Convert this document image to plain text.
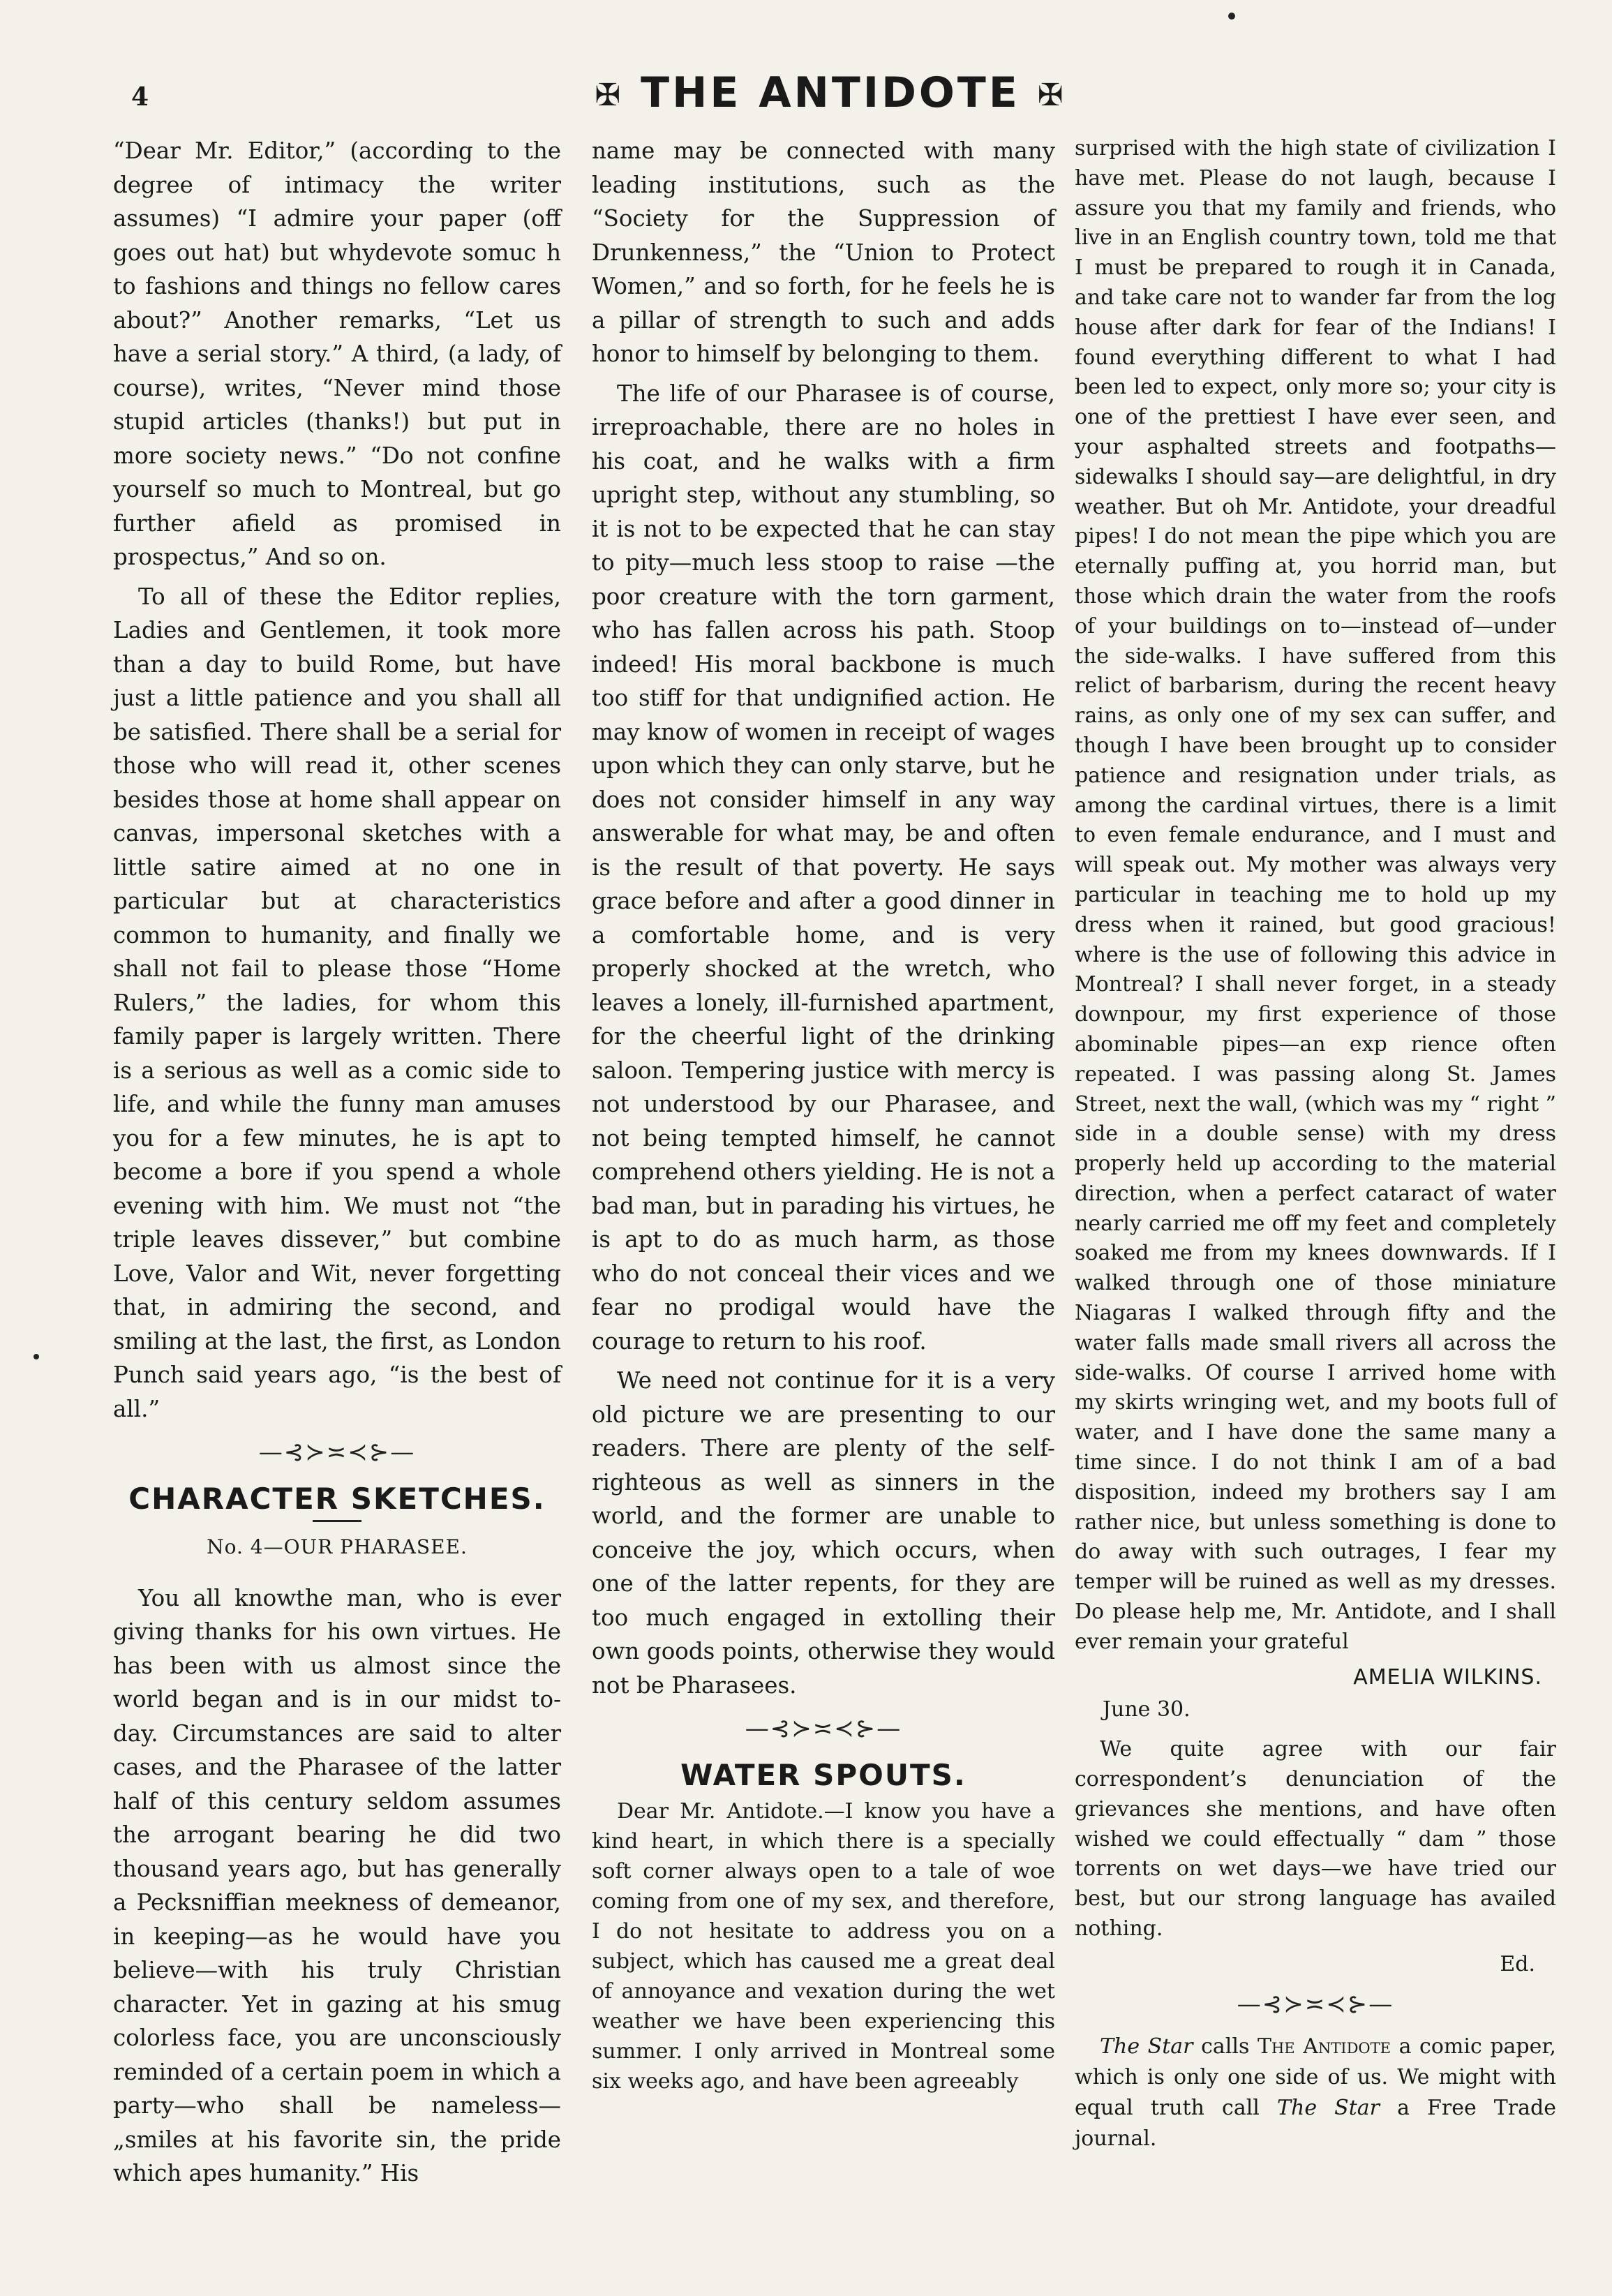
4	✠ THE ANTIDOTE ✠

“Dear Mr. Editor,” (according to the degree of intimacy the writer assumes) “I admire your paper (off goes out hat) but whydevote somuc h to fashions and things no fellow cares about?” Another remarks, “Let us have a serial story.” A third, (a lady, of course), writes, “Never mind those stupid articles (thanks!) but put in more society news.” “Do not confine yourself so much to Montreal, but go further afield as promised in prospectus,” And so on.

To all of these the Editor replies, Ladies and Gentlemen, it took more than a day to build Rome, but have just a little patience and you shall all be satisfied. There shall be a serial for those who will read it, other scenes besides those at home shall appear on canvas, impersonal sketches with a little satire aimed at no one in particular but at characteristics common to humanity, and finally we shall not fail to please those “Home Rulers,” the ladies, for whom this family paper is largely written. There is a serious as well as a comic side to life, and while the funny man amuses you for a few minutes, he is apt to become a bore if you spend a whole evening with him. We must not “the triple leaves dissever,” but combine Love, Valor and Wit, never forgetting that, in admiring the second, and smiling at the last, the first, as London Punch said years ago, “is the best of all.”

—⊰≻≍≺⊱—
CHARACTER SKETCHES.
No. 4—OUR PHARASEE.

You all knowthe man, who is ever giving thanks for his own virtues. He has been with us almost since the world began and is in our midst to-day. Circumstances are said to alter cases, and the Pharasee of the latter half of this century seldom assumes the arrogant bearing he did two thousand years ago, but has generally a Pecksniffian meekness of demeanor, in keeping—as he would have you believe—with his truly Christian character. Yet in gazing at his smug colorless face, you are unconsciously reminded of a certain poem in which a party—who shall be nameless—„smiles at his favorite sin, the pride which apes humanity.” His

name may be connected with many leading institutions, such as the “Society for the Suppression of Drunkenness,” the “Union to Protect Women,” and so forth, for he feels he is a pillar of strength to such and adds honor to himself by belonging to them.

The life of our Pharasee is of course, irreproachable, there are no holes in his coat, and he walks with a firm upright step, without any stumbling, so it is not to be expected that he can stay to pity—much less stoop to raise —the poor creature with the torn garment, who has fallen across his path. Stoop indeed! His moral backbone is much too stiff for that undignified action. He may know of women in receipt of wages upon which they can only starve, but he does not consider himself in any way answerable for what may, be and often is the result of that poverty. He says grace before and after a good dinner in a comfortable home, and is very properly shocked at the wretch, who leaves a lonely, ill-furnished apartment, for the cheerful light of the drinking saloon. Tempering justice with mercy is not understood by our Pharasee, and not being tempted himself, he cannot comprehend others yielding. He is not a bad man, but in parading his virtues, he is apt to do as much harm, as those who do not conceal their vices and we fear no prodigal would have the courage to return to his roof.

We need not continue for it is a very old picture we are presenting to our readers. There are plenty of the self-righteous as well as sinners in the world, and the former are unable to conceive the joy, which occurs, when one of the latter repents, for they are too much engaged in extolling their own goods points, otherwise they would not be Pharasees.

—⊰≻≍≺⊱—
WATER SPOUTS.

Dear Mr. Antidote.—I know you have a kind heart, in which there is a specially soft corner always open to a tale of woe coming from one of my sex, and therefore, I do not hesitate to address you on a subject, which has caused me a great deal of annoyance and vexation during the wet weather we have been experiencing this summer. I only arrived in Montreal some six weeks ago, and have been agreeably

surprised with the high state of civilization I have met. Please do not laugh, because I assure you that my family and friends, who live in an English country town, told me that I must be prepared to rough it in Canada, and take care not to wander far from the log house after dark for fear of the Indians! I found everything different to what I had been led to expect, only more so; your city is one of the prettiest I have ever seen, and your asphalted streets and footpaths—sidewalks I should say—are delightful, in dry weather. But oh Mr. Antidote, your dreadful pipes! I do not mean the pipe which you are eternally puffing at, you horrid man, but those which drain the water from the roofs of your buildings on to—instead of—under the side-walks. I have suffered from this relict of barbarism, during the recent heavy rains, as only one of my sex can suffer, and though I have been brought up to consider patience and resignation under trials, as among the cardinal virtues, there is a limit to even female endurance, and I must and will speak out. My mother was always very particular in teaching me to hold up my dress when it rained, but good gracious! where is the use of following this advice in Montreal? I shall never forget, in a steady downpour, my first experience of those abominable pipes—an exp rience often repeated. I was passing along St. James Street, next the wall, (which was my “ right ” side in a double sense) with my dress properly held up according to the material direction, when a perfect cataract of water nearly carried me off my feet and completely soaked me from my knees downwards. If I walked through one of those miniature Niagaras I walked through fifty and the water falls made small rivers all across the side-walks. Of course I arrived home with my skirts wringing wet, and my boots full of water, and I have done the same many a time since. I do not think I am of a bad disposition, indeed my brothers say I am rather nice, but unless something is done to do away with such outrages, I fear my temper will be ruined as well as my dresses. Do please help me, Mr. Antidote, and I shall ever remain your grateful

AMELIA WILKINS.
June 30.

We quite agree with our fair correspondent’s denunciation of the grievances she mentions, and have often wished we could effectually “ dam ” those torrents on wet days—we have tried our best, but our strong language has availed nothing.

Ed.
—⊰≻≍≺⊱—

The Star calls The Antidote a comic paper, which is only one side of us. We might with equal truth call The Star a Free Trade journal.
